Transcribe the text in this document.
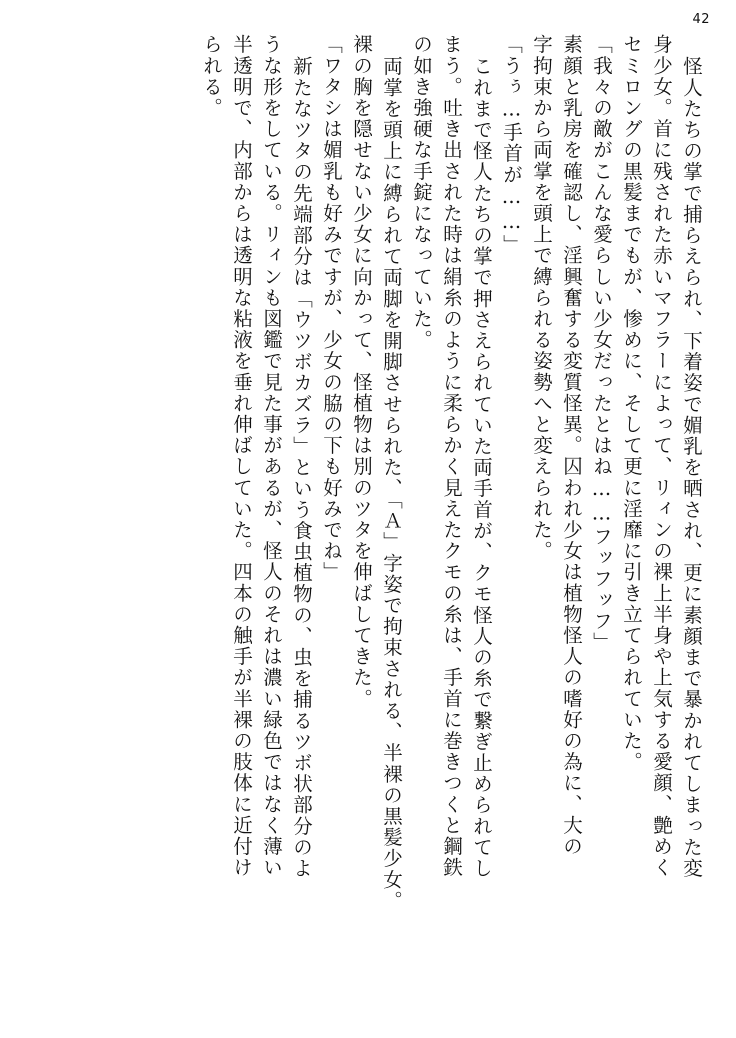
42
怪人たちの掌で捕らえられ、下着姿で媚乳を晒され、更に素顔まで暴かれてしまった変
身少女。首に残された赤いマフラーによって、リィンの裸上半身や上気する愛顔、艶めく
セミロングの黒髪までもが、惨めに、そして更に淫靡に引き立てられていた。
「我々の敵がこんな愛らしい少女だったとはね……フッフッフ」
素顔と乳房を確認し、淫興奮する変質怪異。囚われ少女は植物怪人の嗜好の為に、大の
字拘束から両掌を頭上で縛られる姿勢へと変えられた。
「うぅ…手首が……」
これまで怪人たちの掌で押さえられていた両手首が、クモ怪人の糸で繋ぎ止められてし
まう。吐き出された時は絹糸のように柔らかく見えたクモの糸は、手首に巻きつくと鋼鉄
の如き強硬な手錠になっていた。
両掌を頭上に縛られて両脚を開脚させられた、「Ａ」字姿で拘束される、半裸の黒髪少女。
裸の胸を隠せない少女に向かって、怪植物は別のツタを伸ばしてきた。
「ワタシは媚乳も好みですが、少女の脇の下も好みでね」
新たなツタの先端部分は「ウツボカズラ」という食虫植物の、虫を捕るツボ状部分のよ
うな形をしている。リィンも図鑑で見た事があるが、怪人のそれは濃い緑色ではなく薄い
半透明で、内部からは透明な粘液を垂れ伸ばしていた。四本の触手が半裸の肢体に近付け
られる。
